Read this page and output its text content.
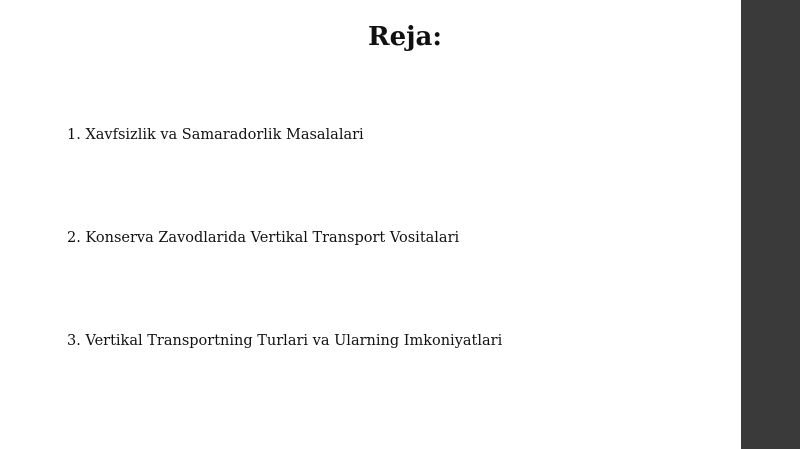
Reja:
1. Xavfsizlik va Samaradorlik Masalalari
2. Konserva Zavodlarida Vertikal Transport Vositalari
3. Vertikal Transportning Turlari va Ularning Imkoniyatlari
